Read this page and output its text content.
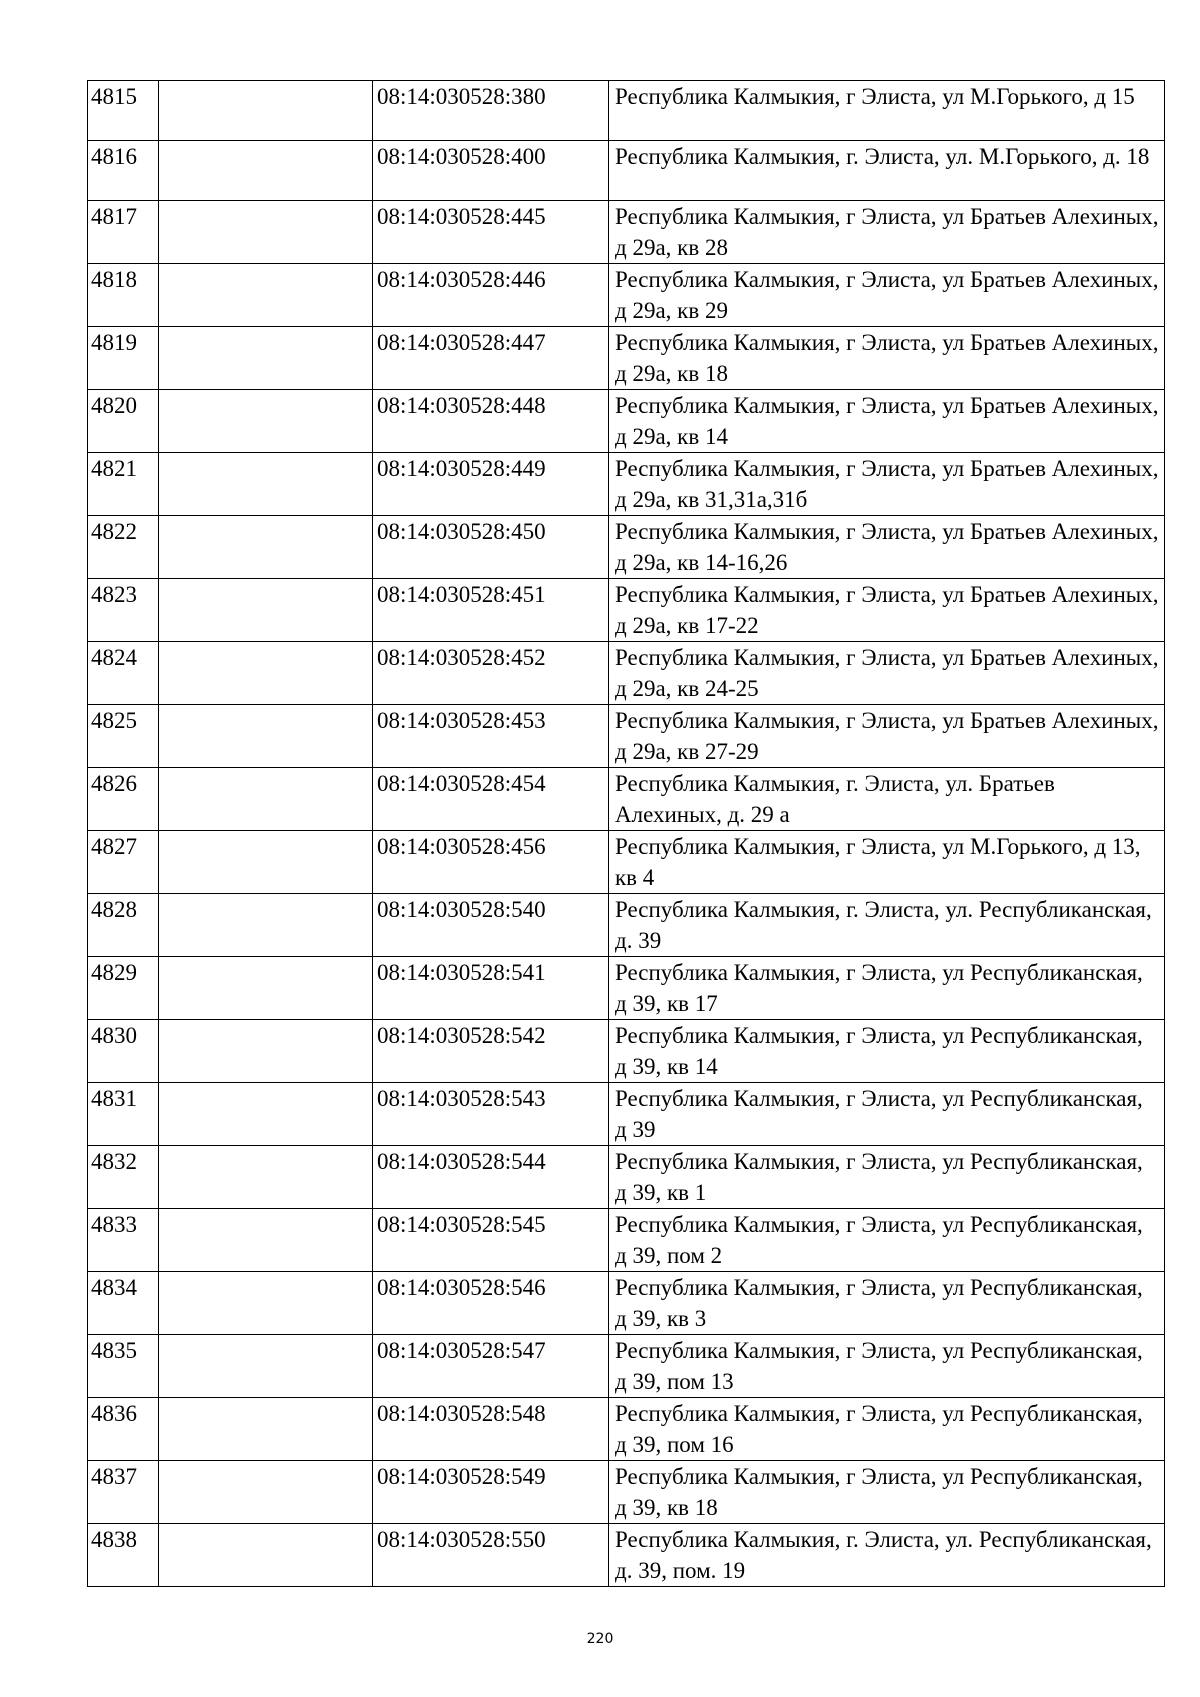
4815		08:14:030528:380	Республика Калмыкия, г Элиста, ул М.Горького, д 15
4816		08:14:030528:400	Республика Калмыкия, г. Элиста, ул. М.Горького, д. 18
4817		08:14:030528:445	Республика Калмыкия, г Элиста, ул Братьев Алехиных, д 29а, кв 28
4818		08:14:030528:446	Республика Калмыкия, г Элиста, ул Братьев Алехиных, д 29а, кв 29
4819		08:14:030528:447	Республика Калмыкия, г Элиста, ул Братьев Алехиных, д 29а, кв 18
4820		08:14:030528:448	Республика Калмыкия, г Элиста, ул Братьев Алехиных, д 29а, кв 14
4821		08:14:030528:449	Республика Калмыкия, г Элиста, ул Братьев Алехиных, д 29а, кв 31,31а,31б
4822		08:14:030528:450	Республика Калмыкия, г Элиста, ул Братьев Алехиных, д 29а, кв 14-16,26
4823		08:14:030528:451	Республика Калмыкия, г Элиста, ул Братьев Алехиных, д 29а, кв 17-22
4824		08:14:030528:452	Республика Калмыкия, г Элиста, ул Братьев Алехиных, д 29а, кв 24-25
4825		08:14:030528:453	Республика Калмыкия, г Элиста, ул Братьев Алехиных, д 29а, кв 27-29
4826		08:14:030528:454	Республика Калмыкия, г. Элиста, ул. Братьев Алехиных, д. 29 а
4827		08:14:030528:456	Республика Калмыкия, г Элиста, ул М.Горького, д 13, кв 4
4828		08:14:030528:540	Республика Калмыкия, г. Элиста, ул. Республиканская, д. 39
4829		08:14:030528:541	Республика Калмыкия, г Элиста, ул Республиканская, д 39, кв 17
4830		08:14:030528:542	Республика Калмыкия, г Элиста, ул Республиканская, д 39, кв 14
4831		08:14:030528:543	Республика Калмыкия, г Элиста, ул Республиканская, д 39
4832		08:14:030528:544	Республика Калмыкия, г Элиста, ул Республиканская, д 39, кв 1
4833		08:14:030528:545	Республика Калмыкия, г Элиста, ул Республиканская, д 39, пом 2
4834		08:14:030528:546	Республика Калмыкия, г Элиста, ул Республиканская, д 39, кв 3
4835		08:14:030528:547	Республика Калмыкия, г Элиста, ул Республиканская, д 39, пом 13
4836		08:14:030528:548	Республика Калмыкия, г Элиста, ул Республиканская, д 39, пом 16
4837		08:14:030528:549	Республика Калмыкия, г Элиста, ул Республиканская, д 39, кв 18
4838		08:14:030528:550	Республика Калмыкия, г. Элиста, ул. Республиканская, д. 39, пом. 19
220
